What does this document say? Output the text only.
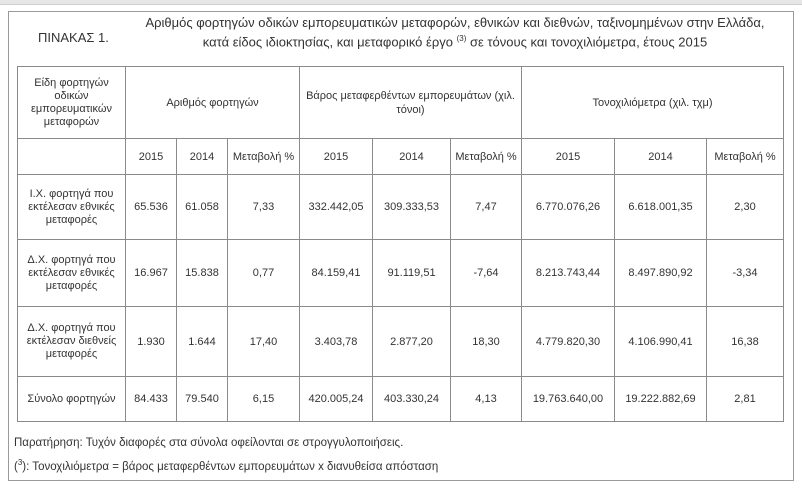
ΠΙΝΑΚΑΣ 1.
Αριθμός φορτηγών οδικών εμπορευματικών μεταφορών, εθνικών και διεθνών, ταξινομημένων στην Ελλάδα,
κατά είδος ιδιοκτησίας, και μεταφορικό έργο $^{(3)}$ σε τόνους και τονοχιλιόμετρα, έτους 2015
Είδη φορτηγών οδικών εμπορευματικών μεταφορών	Αριθμός φορτηγών			Βάρος μεταφερθέντων εμπορευμάτων (χιλ. τόνοι)			Τονοχιλιόμετρα (χιλ. τχμ)		
	2015	2014	Μεταβολή %	2015	2014	Μεταβολή %	2015	2014	Μεταβολή %
Ι.Χ. φορτηγά που εκτέλεσαν εθνικές μεταφορές	65.536	61.058	7,33	332.442,05	309.333,53	7,47	6.770.076,26	6.618.001,35	2,30
Δ.Χ. φορτηγά που εκτέλεσαν εθνικές μεταφορές	16.967	15.838	0,77	84.159,41	91.119,51	-7,64	8.213.743,44	8.497.890,92	-3,34
Δ.Χ. φορτηγά που εκτέλεσαν διεθνείς μεταφορές	1.930	1.644	17,40	3.403,78	2.877,20	18,30	4.779.820,30	4.106.990,41	16,38
Σύνολο φορτηγών	84.433	79.540	6,15	420.005,24	403.330,24	4,13	19.763.640,00	19.222.882,69	2,81
Παρατήρηση: Τυχόν διαφορές στα σύνολα οφείλονται σε στρογγυλοποιήσεις.
($^3$): Τονοχιλιόμετρα = βάρος μεταφερθέντων εμπορευμάτων x διανυθείσα απόσταση
